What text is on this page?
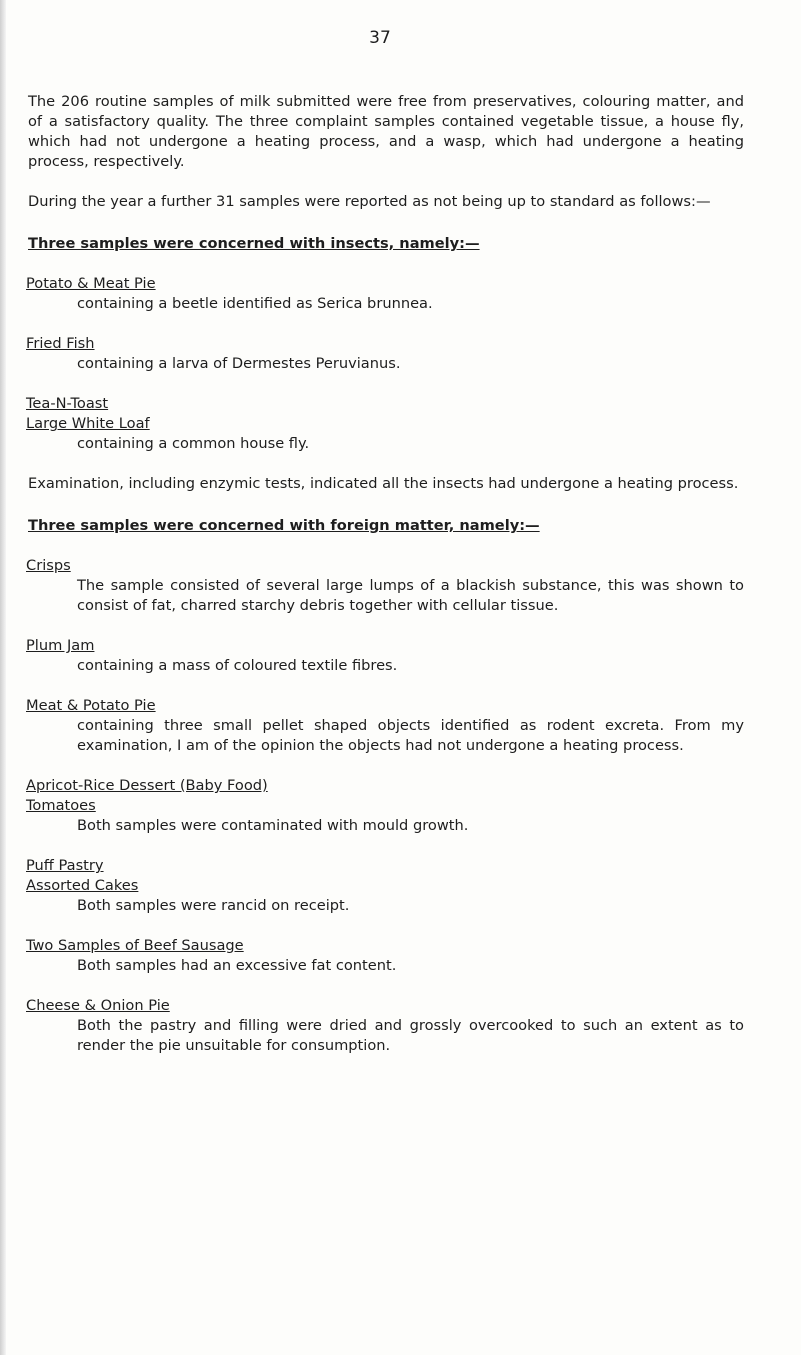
37

The 206 routine samples of milk submitted were free from preservatives, colouring matter, and of a satisfactory quality. The three complaint samples contained vegetable tissue, a house fly, which had not undergone a heating process, and a wasp, which had undergone a heating process, respectively.

During the year a further 31 samples were reported as not being up to standard as follows:—

Three samples were concerned with insects, namely:—

Potato & Meat Pie
containing a beetle identified as Serica brunnea.
Fried Fish
containing a larva of Dermestes Peruvianus.
Tea-N-Toast
Large White Loaf
containing a common house fly.

Examination, including enzymic tests, indicated all the insects had undergone a heating process.

Three samples were concerned with foreign matter, namely:—

Crisps
The sample consisted of several large lumps of a blackish substance, this was shown to consist of fat, charred starchy debris together with cellular tissue.
Plum Jam
containing a mass of coloured textile fibres.
Meat & Potato Pie
containing three small pellet shaped objects identified as rodent excreta. From my examination, I am of the opinion the objects had not undergone a heating process.
Apricot-Rice Dessert (Baby Food)
Tomatoes
Both samples were contaminated with mould growth.
Puff Pastry
Assorted Cakes
Both samples were rancid on receipt.
Two Samples of Beef Sausage
Both samples had an excessive fat content.
Cheese & Onion Pie
Both the pastry and filling were dried and grossly overcooked to such an extent as to render the pie unsuitable for consumption.
